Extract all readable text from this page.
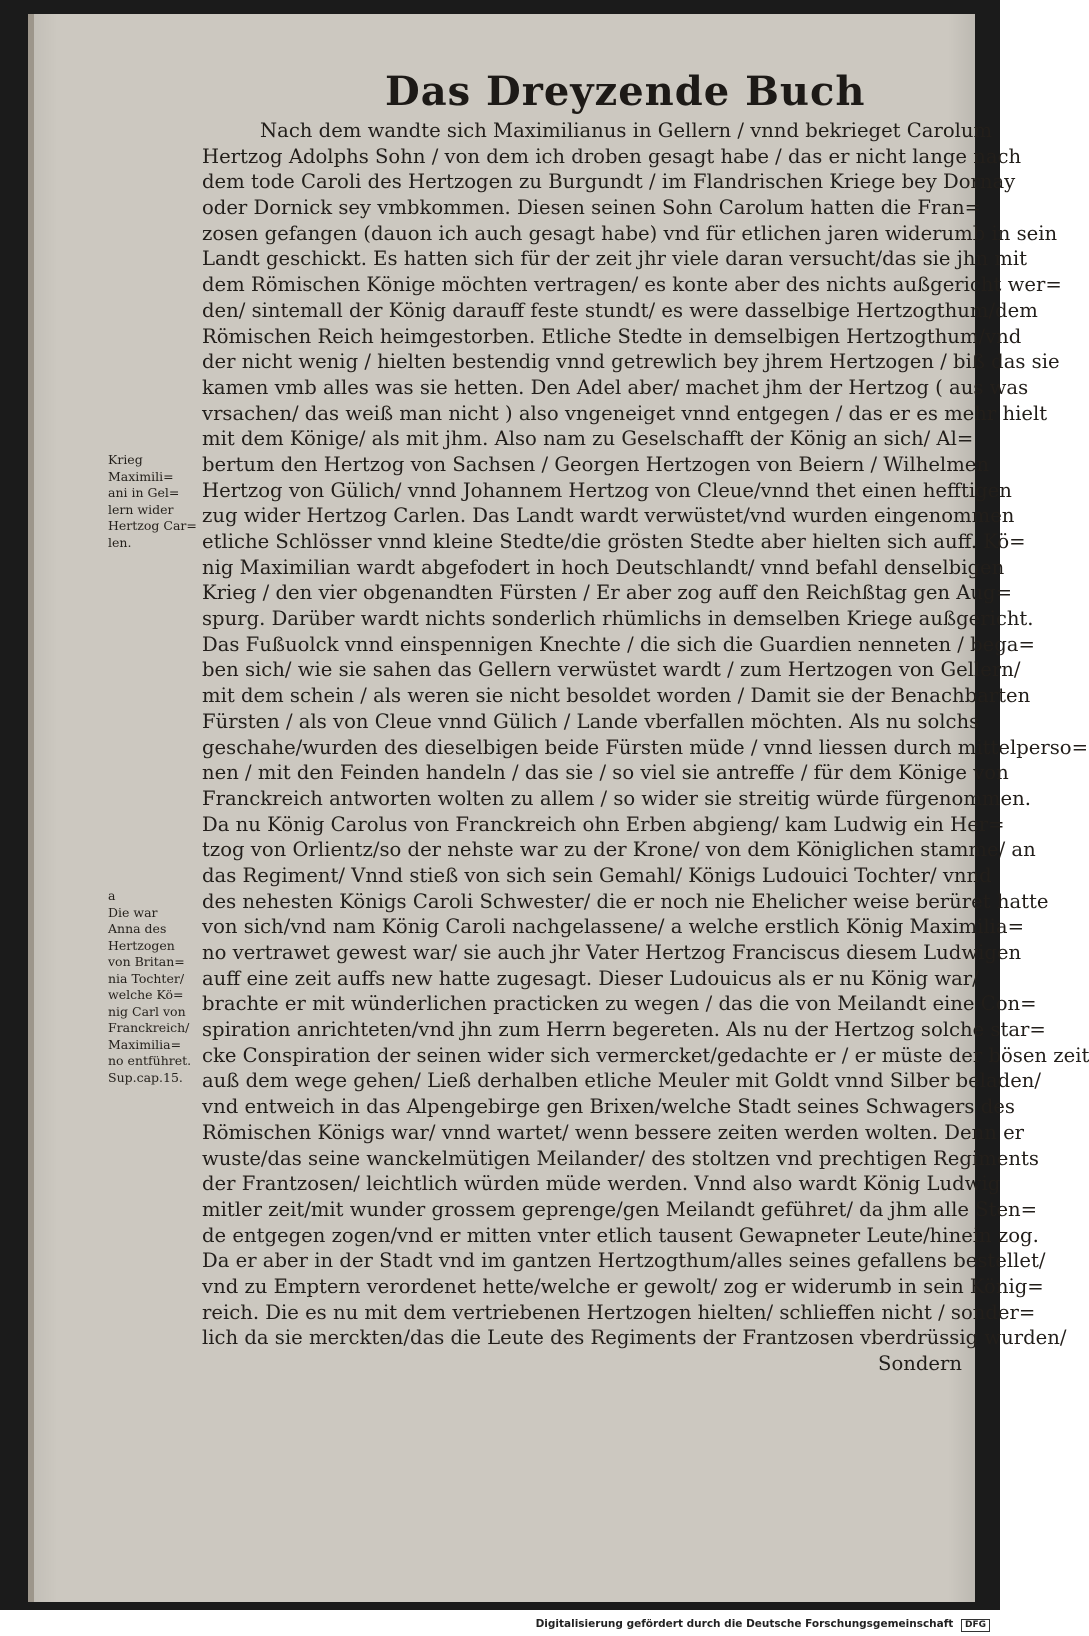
Das Dreyzende Buch
Nach dem wandte sich Maximilianus in Gellern / vnnd bekrieget Carolum
Hertzog Adolphs Sohn / von dem ich droben gesagt habe / das er nicht lange nach
dem tode Caroli des Hertzogen zu Burgundt / im Flandrischen Kriege bey Dornay
oder Dornick sey vmbkommen. Diesen seinen Sohn Carolum hatten die Fran=
zosen gefangen (dauon ich auch gesagt habe) vnd für etlichen jaren widerumb in sein
Landt geschickt. Es hatten sich für der zeit jhr viele daran versucht/das sie jhn mit
dem Römischen Könige möchten vertragen/ es konte aber des nichts außgericht wer=
den/ sintemall der König darauff feste stundt/ es were dasselbige Hertzogthum/dem
Römischen Reich heimgestorben. Etliche Stedte in demselbigen Hertzogthum/vnd
der nicht wenig / hielten bestendig vnnd getrewlich bey jhrem Hertzogen / biß das sie
kamen vmb alles was sie hetten. Den Adel aber/ machet jhm der Hertzog ( aus was
vrsachen/ das weiß man nicht ) also vngeneiget vnnd entgegen / das er es mehr hielt
mit dem Könige/ als mit jhm. Also nam zu Geselschafft der König an sich/ Al=
bertum den Hertzog von Sachsen / Georgen Hertzogen von Beiern / Wilhelmen
Hertzog von Gülich/ vnnd Johannem Hertzog von Cleue/vnnd thet einen hefftigen
zug wider Hertzog Carlen. Das Landt wardt verwüstet/vnd wurden eingenommen
etliche Schlösser vnnd kleine Stedte/die grösten Stedte aber hielten sich auff. Kö=
nig Maximilian wardt abgefodert in hoch Deutschlandt/ vnnd befahl denselbigen
Krieg / den vier obgenandten Fürsten / Er aber zog auff den Reichßtag gen Aug=
spurg. Darüber wardt nichts sonderlich rhümlichs in demselben Kriege außgericht.
Das Fußuolck vnnd einspennigen Knechte / die sich die Guardien nenneten / bega=
ben sich/ wie sie sahen das Gellern verwüstet wardt / zum Hertzogen von Gellern/
mit dem schein / als weren sie nicht besoldet worden / Damit sie der Benachbarten
Fürsten / als von Cleue vnnd Gülich / Lande vberfallen möchten. Als nu solchs
geschahe/wurden des dieselbigen beide Fürsten müde / vnnd liessen durch mittelperso=
nen / mit den Feinden handeln / das sie / so viel sie antreffe / für dem Könige von
Franckreich antworten wolten zu allem / so wider sie streitig würde fürgenommen.
Da nu König Carolus von Franckreich ohn Erben abgieng/ kam Ludwig ein Her=
tzog von Orlientz/so der nehste war zu der Krone/ von dem Königlichen stamme/ an
das Regiment/ Vnnd stieß von sich sein Gemahl/ Königs Ludouici Tochter/ vnnd
des nehesten Königs Caroli Schwester/ die er noch nie Ehelicher weise berüret hatte
von sich/vnd nam König Caroli nachgelassene/ a welche erstlich König Maximilia=
no vertrawet gewest war/ sie auch jhr Vater Hertzog Franciscus diesem Ludwigen
auff eine zeit auffs new hatte zugesagt. Dieser Ludouicus als er nu König war/
brachte er mit wünderlichen practicken zu wegen / das die von Meilandt eine Con=
spiration anrichteten/vnd jhn zum Herrn begereten. Als nu der Hertzog solche star=
cke Conspiration der seinen wider sich vermercket/gedachte er / er müste der bösen zeit
auß dem wege gehen/ Ließ derhalben etliche Meuler mit Goldt vnnd Silber beladen/
vnd entweich in das Alpengebirge gen Brixen/welche Stadt seines Schwagers des
Römischen Königs war/ vnnd wartet/ wenn bessere zeiten werden wolten. Denn er
wuste/das seine wanckelmütigen Meilander/ des stoltzen vnd prechtigen Regiments
der Frantzosen/ leichtlich würden müde werden. Vnnd also wardt König Ludwig
mitler zeit/mit wunder grossem geprenge/gen Meilandt geführet/ da jhm alle Sten=
de entgegen zogen/vnd er mitten vnter etlich tausent Gewapneter Leute/hinein zog.
Da er aber in der Stadt vnd im gantzen Hertzogthum/alles seines gefallens bestellet/
vnd zu Emptern verordenet hette/welche er gewolt/ zog er widerumb in sein König=
reich. Die es nu mit dem vertriebenen Hertzogen hielten/ schlieffen nicht / sonder=
lich da sie merckten/das die Leute des Regiments der Frantzosen vberdrüssig wurden/
Sondern
Krieg
Maximili=
ani in Gel=
lern wider
Hertzog Car=
len.
a
Die war
Anna des
Hertzogen
von Britan=
nia Tochter/
welche Kö=
nig Carl von
Franckreich/
Maximilia=
no entführet.
Sup.cap.15.
Digitalisierung gefördert durch die Deutsche Forschungsgemeinschaft DFG
